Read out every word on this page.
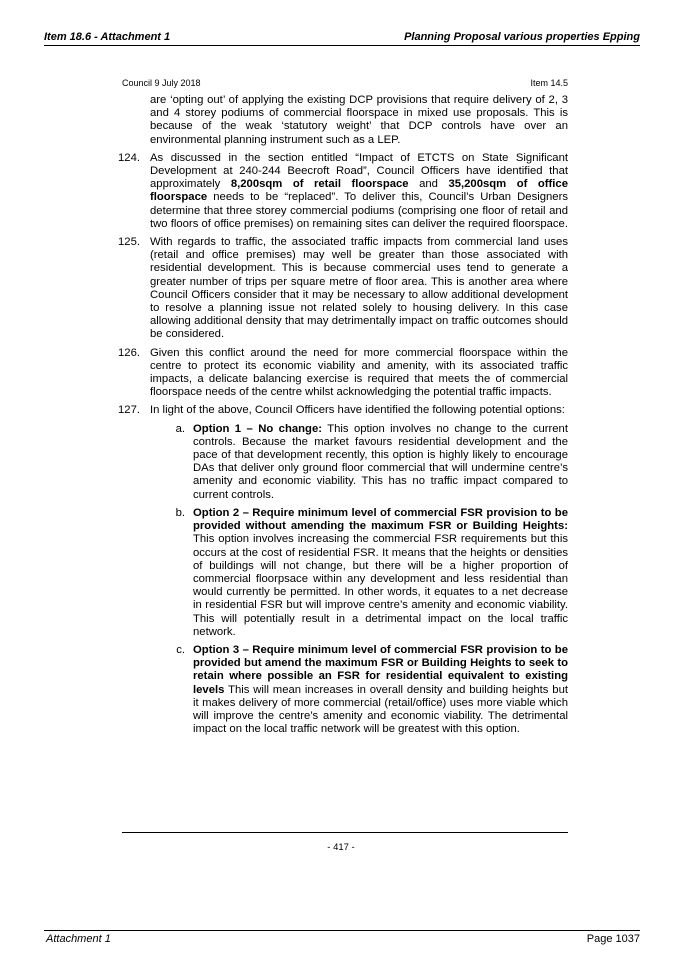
Item 18.6 - Attachment 1	Planning Proposal various properties Epping
Council 9 July 2018	Item 14.5

are ‘opting out’ of applying the existing DCP provisions that require delivery of 2, 3 and 4 storey podiums of commercial floorspace in mixed use proposals. This is because of the weak ‘statutory weight’ that DCP controls have over an environmental planning instrument such as a LEP.

124. As discussed in the section entitled “Impact of ETCTS on State Significant Development at 240-244 Beecroft Road”, Council Officers have identified that approximately 8,200sqm of retail floorspace and 35,200sqm of office floorspace needs to be “replaced”. To deliver this, Council’s Urban Designers determine that three storey commercial podiums (comprising one floor of retail and two floors of office premises) on remaining sites can deliver the required floorspace.
125. With regards to traffic, the associated traffic impacts from commercial land uses (retail and office premises) may well be greater than those associated with residential development. This is because commercial uses tend to generate a greater number of trips per square metre of floor area. This is another area where Council Officers consider that it may be necessary to allow additional development to resolve a planning issue not related solely to housing delivery. In this case allowing additional density that may detrimentally impact on traffic outcomes should be considered.
126. Given this conflict around the need for more commercial floorspace within the centre to protect its economic viability and amenity, with its associated traffic impacts, a delicate balancing exercise is required that meets the of commercial floorspace needs of the centre whilst acknowledging the potential traffic impacts.
127. In light of the above, Council Officers have identified the following potential options:
a. Option 1 – No change: This option involves no change to the current controls. Because the market favours residential development and the pace of that development recently, this option is highly likely to encourage DAs that deliver only ground floor commercial that will undermine centre’s amenity and economic viability. This has no traffic impact compared to current controls.
b. Option 2 – Require minimum level of commercial FSR provision to be provided without amending the maximum FSR or Building Heights: This option involves increasing the commercial FSR requirements but this occurs at the cost of residential FSR. It means that the heights or densities of buildings will not change, but there will be a higher proportion of commercial floorpsace within any development and less residential than would currently be permitted. In other words, it equates to a net decrease in residential FSR but will improve centre’s amenity and economic viability. This will potentially result in a detrimental impact on the local traffic network.
c. Option 3 – Require minimum level of commercial FSR provision to be provided but amend the maximum FSR or Building Heights to seek to retain where possible an FSR for residential equivalent to existing levels This will mean increases in overall density and building heights but it makes delivery of more commercial (retail/office) uses more viable which will improve the centre’s amenity and economic viability. The detrimental impact on the local traffic network will be greatest with this option.
- 417 -
Attachment 1	Page 1037
